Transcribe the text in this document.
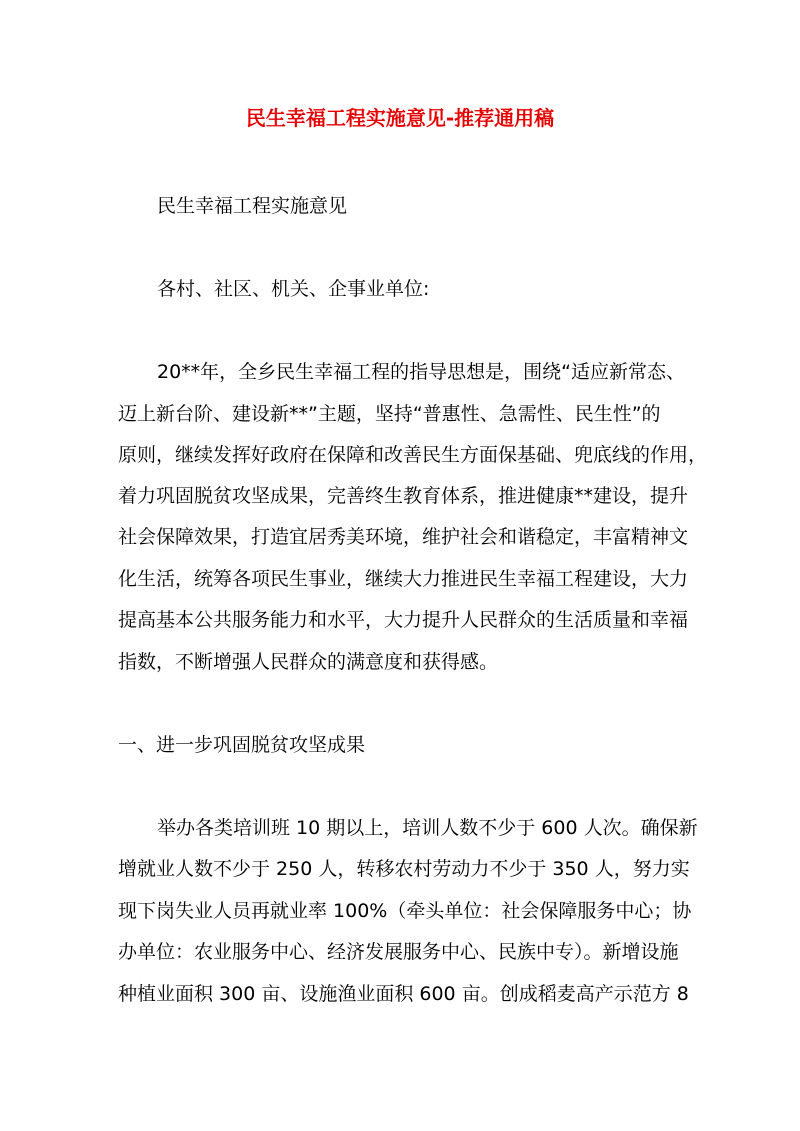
民生幸福工程实施意见-推荐通用稿
民生幸福工程实施意见
各村、社区、机关、企事业单位:
20**年，全乡民生幸福工程的指导思想是，围绕“适应新常态、
迈上新台阶、建设新**”主题，坚持“普惠性、急需性、民生性”的
原则，继续发挥好政府在保障和改善民生方面保基础、兜底线的作用，
着力巩固脱贫攻坚成果，完善终生教育体系，推进健康**建设，提升
社会保障效果，打造宜居秀美环境，维护社会和谐稳定，丰富精神文
化生活，统筹各项民生事业，继续大力推进民生幸福工程建设，大力
提高基本公共服务能力和水平，大力提升人民群众的生活质量和幸福
指数，不断增强人民群众的满意度和获得感。
一、进一步巩固脱贫攻坚成果
举办各类培训班 10 期以上，培训人数不少于 600 人次。确保新
增就业人数不少于 250 人，转移农村劳动力不少于 350 人，努力实
现下岗失业人员再就业率 100%（牵头单位：社会保障服务中心；协
办单位：农业服务中心、经济发展服务中心、民族中专）。新增设施
种植业面积 300 亩、设施渔业面积 600 亩。创成稻麦高产示范方 8
